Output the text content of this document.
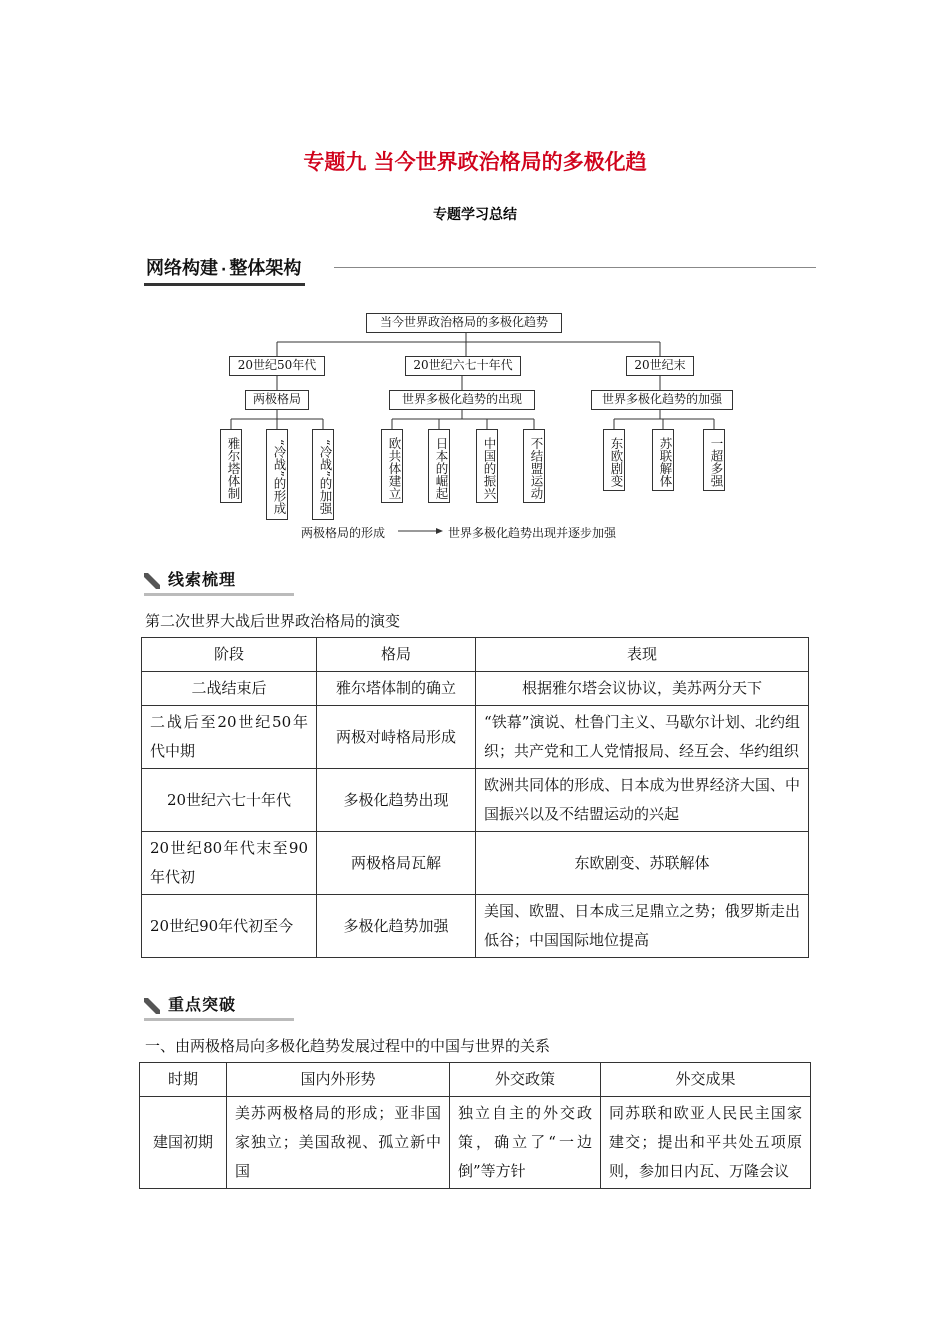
专题九 当今世界政治格局的多极化趋
专题学习总结
网络构建 · 整体架构
当今世界政治格局的多极化趋势
20世纪50年代	20世纪六七十年代	20世纪末
两极格局	世界多极化趋势的出现	世界多极化趋势的加强
雅尔塔体制	“冷战”的形成	“冷战”的加强	欧共体建立	日本的崛起	中国的振兴	不结盟运动	东欧剧变	苏联解体	一超多强
两极格局的形成	世界多极化趋势出现并逐步加强
线索梳理
第二次世界大战后世界政治格局的演变
阶段	格局	表现
二战结束后	雅尔塔体制的确立	根据雅尔塔会议协议，美苏两分天下
二战后至20世纪50年代中期	两极对峙格局形成	“铁幕”演说、杜鲁门主义、马歇尔计划、北约组织；共产党和工人党情报局、经互会、华约组织
20世纪六七十年代	多极化趋势出现	欧洲共同体的形成、日本成为世界经济大国、中国振兴以及不结盟运动的兴起
20世纪80年代末至90年代初	两极格局瓦解	东欧剧变、苏联解体
20世纪90年代初至今	多极化趋势加强	美国、欧盟、日本成三足鼎立之势；俄罗斯走出低谷；中国国际地位提高
重点突破
一、由两极格局向多极化趋势发展过程中的中国与世界的关系
时期	国内外形势	外交政策	外交成果
建国初期	美苏两极格局的形成；亚非国家独立；美国敌视、孤立新中国	独立自主的外交政策，确立了“一边倒”等方针	同苏联和欧亚人民民主国家建交；提出和平共处五项原则，参加日内瓦、万隆会议
